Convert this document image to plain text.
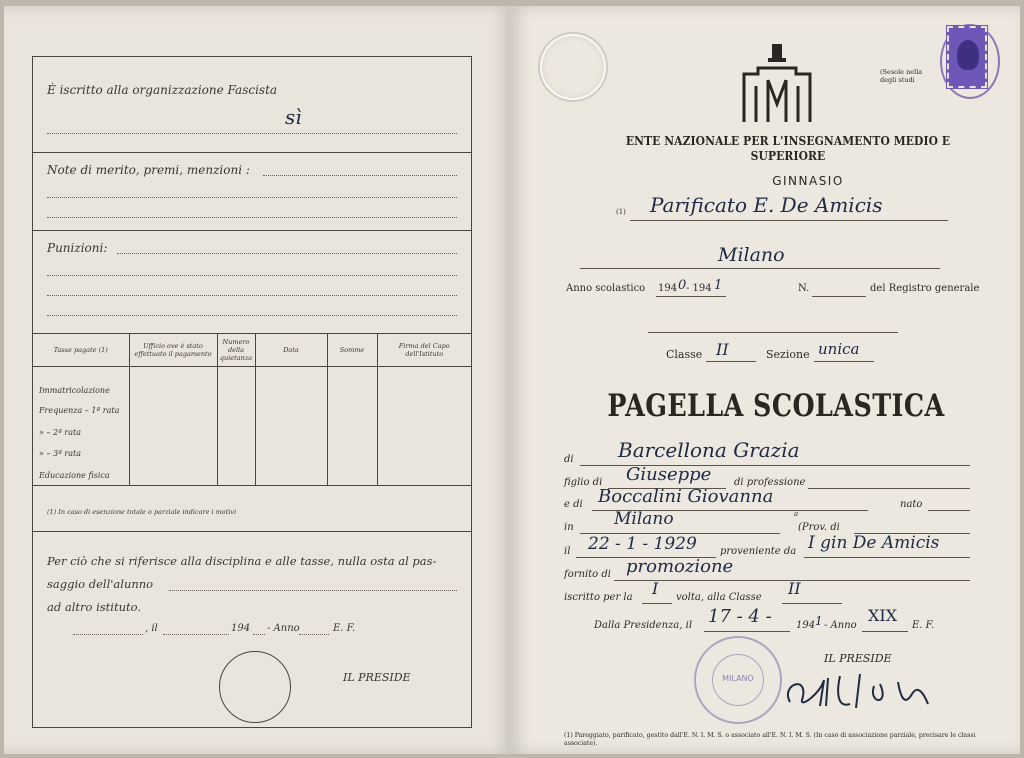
È iscritto alla organizzazione Fascista
sì
Note di merito, premi, menzioni :
Punizioni:
Tasse pagate (1)	Ufficio ove è stato effettuato il pagamento	Numero della quietanza	Data	Somme	Firma del Capo dell'Istituto
Immatricolazione					
Frequenza – 1ª rata					
» – 2ª rata					
» – 3ª rata					
Educazione fisica					
(1) In caso di esenzione totale o parziale indicare i motivi
Per ciò che si riferisce alla disciplina e alle tasse, nulla osta al pas-
saggio dell'alunno
ad altro istituto.
, il	194 - Anno	E. F.
IL PRESIDE
(Sesole nella degli studi
ENTE NAZIONALE PER L'INSEGNAMENTO MEDIO E SUPERIORE
GINNASIO
(1) Parificato E. De Amicis
Milano
Anno scolastico 194 0 - 194 1	N.	del Registro generale
Classe II	Sezione unica
PAGELLA SCOLASTICA
di Barcellona Grazia
figlio di Giuseppe di professione
e di Boccalini Giovanna	nato
a
in Milano	(Prov. di
il 22 - 1 - 1929 proveniente da I gin De Amicis
fornito di promozione
iscritto per la I volta, alla Classe II
Dalla Presidenza, il 17 - 4 - 194 1 - Anno
XIX
E. F.
IL PRESIDE
MILANO
(1) Pareggiato, parificato, gestito dall'E. N. I. M. S. o associato all'E. N. I. M. S. (In caso di associazione parziale, precisare le classi associate).
